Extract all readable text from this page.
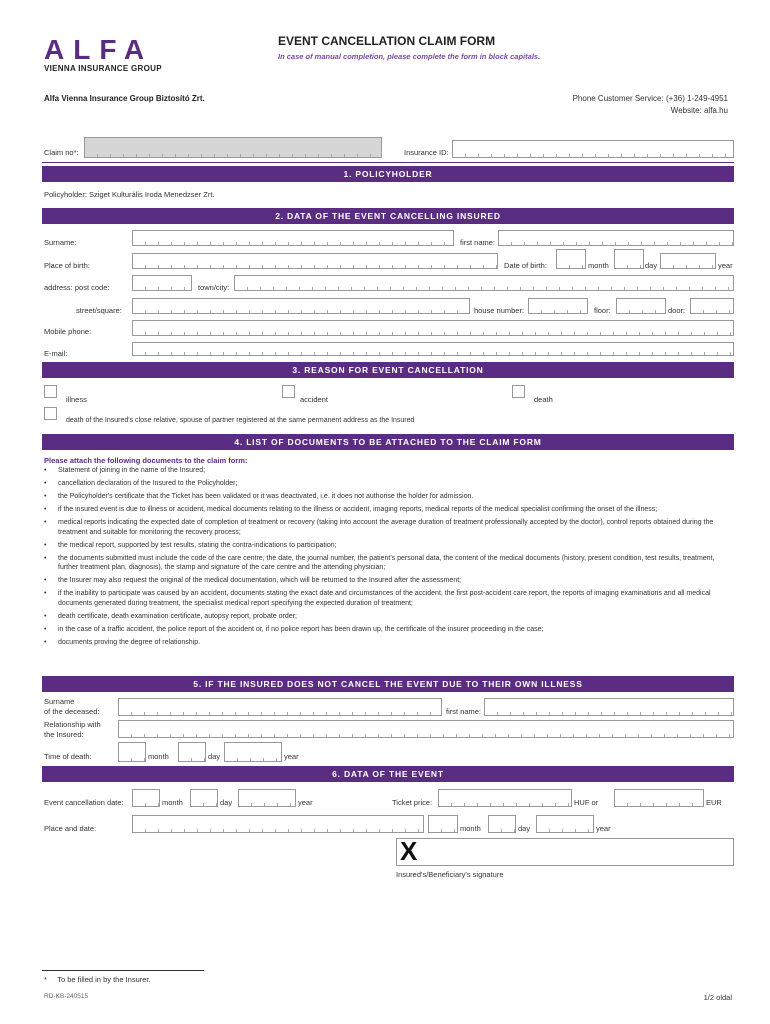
ALFA
VIENNA INSURANCE GROUP
EVENT CANCELLATION CLAIM FORM
In case of manual completion, please complete the form in block capitals.
Alfa Vienna Insurance Group Biztosító Zrt.	Phone Customer Service: (+36) 1-249-4951
Website: alfa.hu
Claim no*:	Insurance ID:
1. POLICYHOLDER
Policyholder: Sziget Kulturális Iroda Menedzser Zrt.
2. DATA OF THE EVENT CANCELLING INSURED
Surname:	first name:
Place of birth:	Date of birth:	month	day	year
address: post code:	town/city:
street/square:	house number:	floor:	door:
Mobile phone:
E-mail:
3. REASON FOR EVENT CANCELLATION
illness	accident	death
death of the Insured's close relative, spouse of partner registered at the same permanent address as the Insured
4. LIST OF DOCUMENTS TO BE ATTACHED TO THE CLAIM FORM
Please attach the following documents to the claim form:
• Statement of joining in the name of the Insured;
• cancellation declaration of the Insured to the Policyholder;
• the Policyholder's certificate that the Ticket has been validated or it was deactivated, i.e. it does not authorise the holder for admission.
• if the insured event is due to illness or accident, medical documents relating to the illness or accident, imaging reports, medical reports of the medical specialist confirming the onset of the illness;
• medical reports indicating the expected date of completion of treatment or recovery (taking into account the average duration of treatment professionally accepted by the doctor), control reports obtained during the treatment and suitable for monitoring the recovery process;
• the medical report, supported by test results, stating the contra-indications to participation;
• the documents submitted must include the code of the care centre, the date, the journal number, the patient's personal data, the content of the medical documents (history, present condition, test results, treatment, further treatment plan, diagnosis), the stamp and signature of the care centre and the attending physician;
• the Insurer may also request the original of the medical documentation, which will be returned to the Insured after the assessment;
• if the inability to participate was caused by an accident, documents stating the exact date and circumstances of the accident, the first post-accident care report, the reports of imaging examinations and all medical documents generated during treatment, the specialist medical report specifying the expected duration of treatment;
• death certificate, death examination certificate, autopsy report, probate order;
• in the case of a traffic accident, the police report of the accident or, if no police report has been drawn up, the certificate of the insurer proceeding in the case;
• documents proving the degree of relationship.
5. IF THE INSURED DOES NOT CANCEL THE EVENT DUE TO THEIR OWN ILLNESS
Surname
of the deceased:	first name:
Relationship with
the Insured:
Time of death:	month	day	year
6. DATA OF THE EVENT
Event cancellation date:	month	day	year	Ticket price:	HUF or	EUR
Place and date:	month	day	year
X
Insured's/Beneficiary's signature
*     To be filled in by the Insurer.
RD-KB-240515	1/2 oldal
